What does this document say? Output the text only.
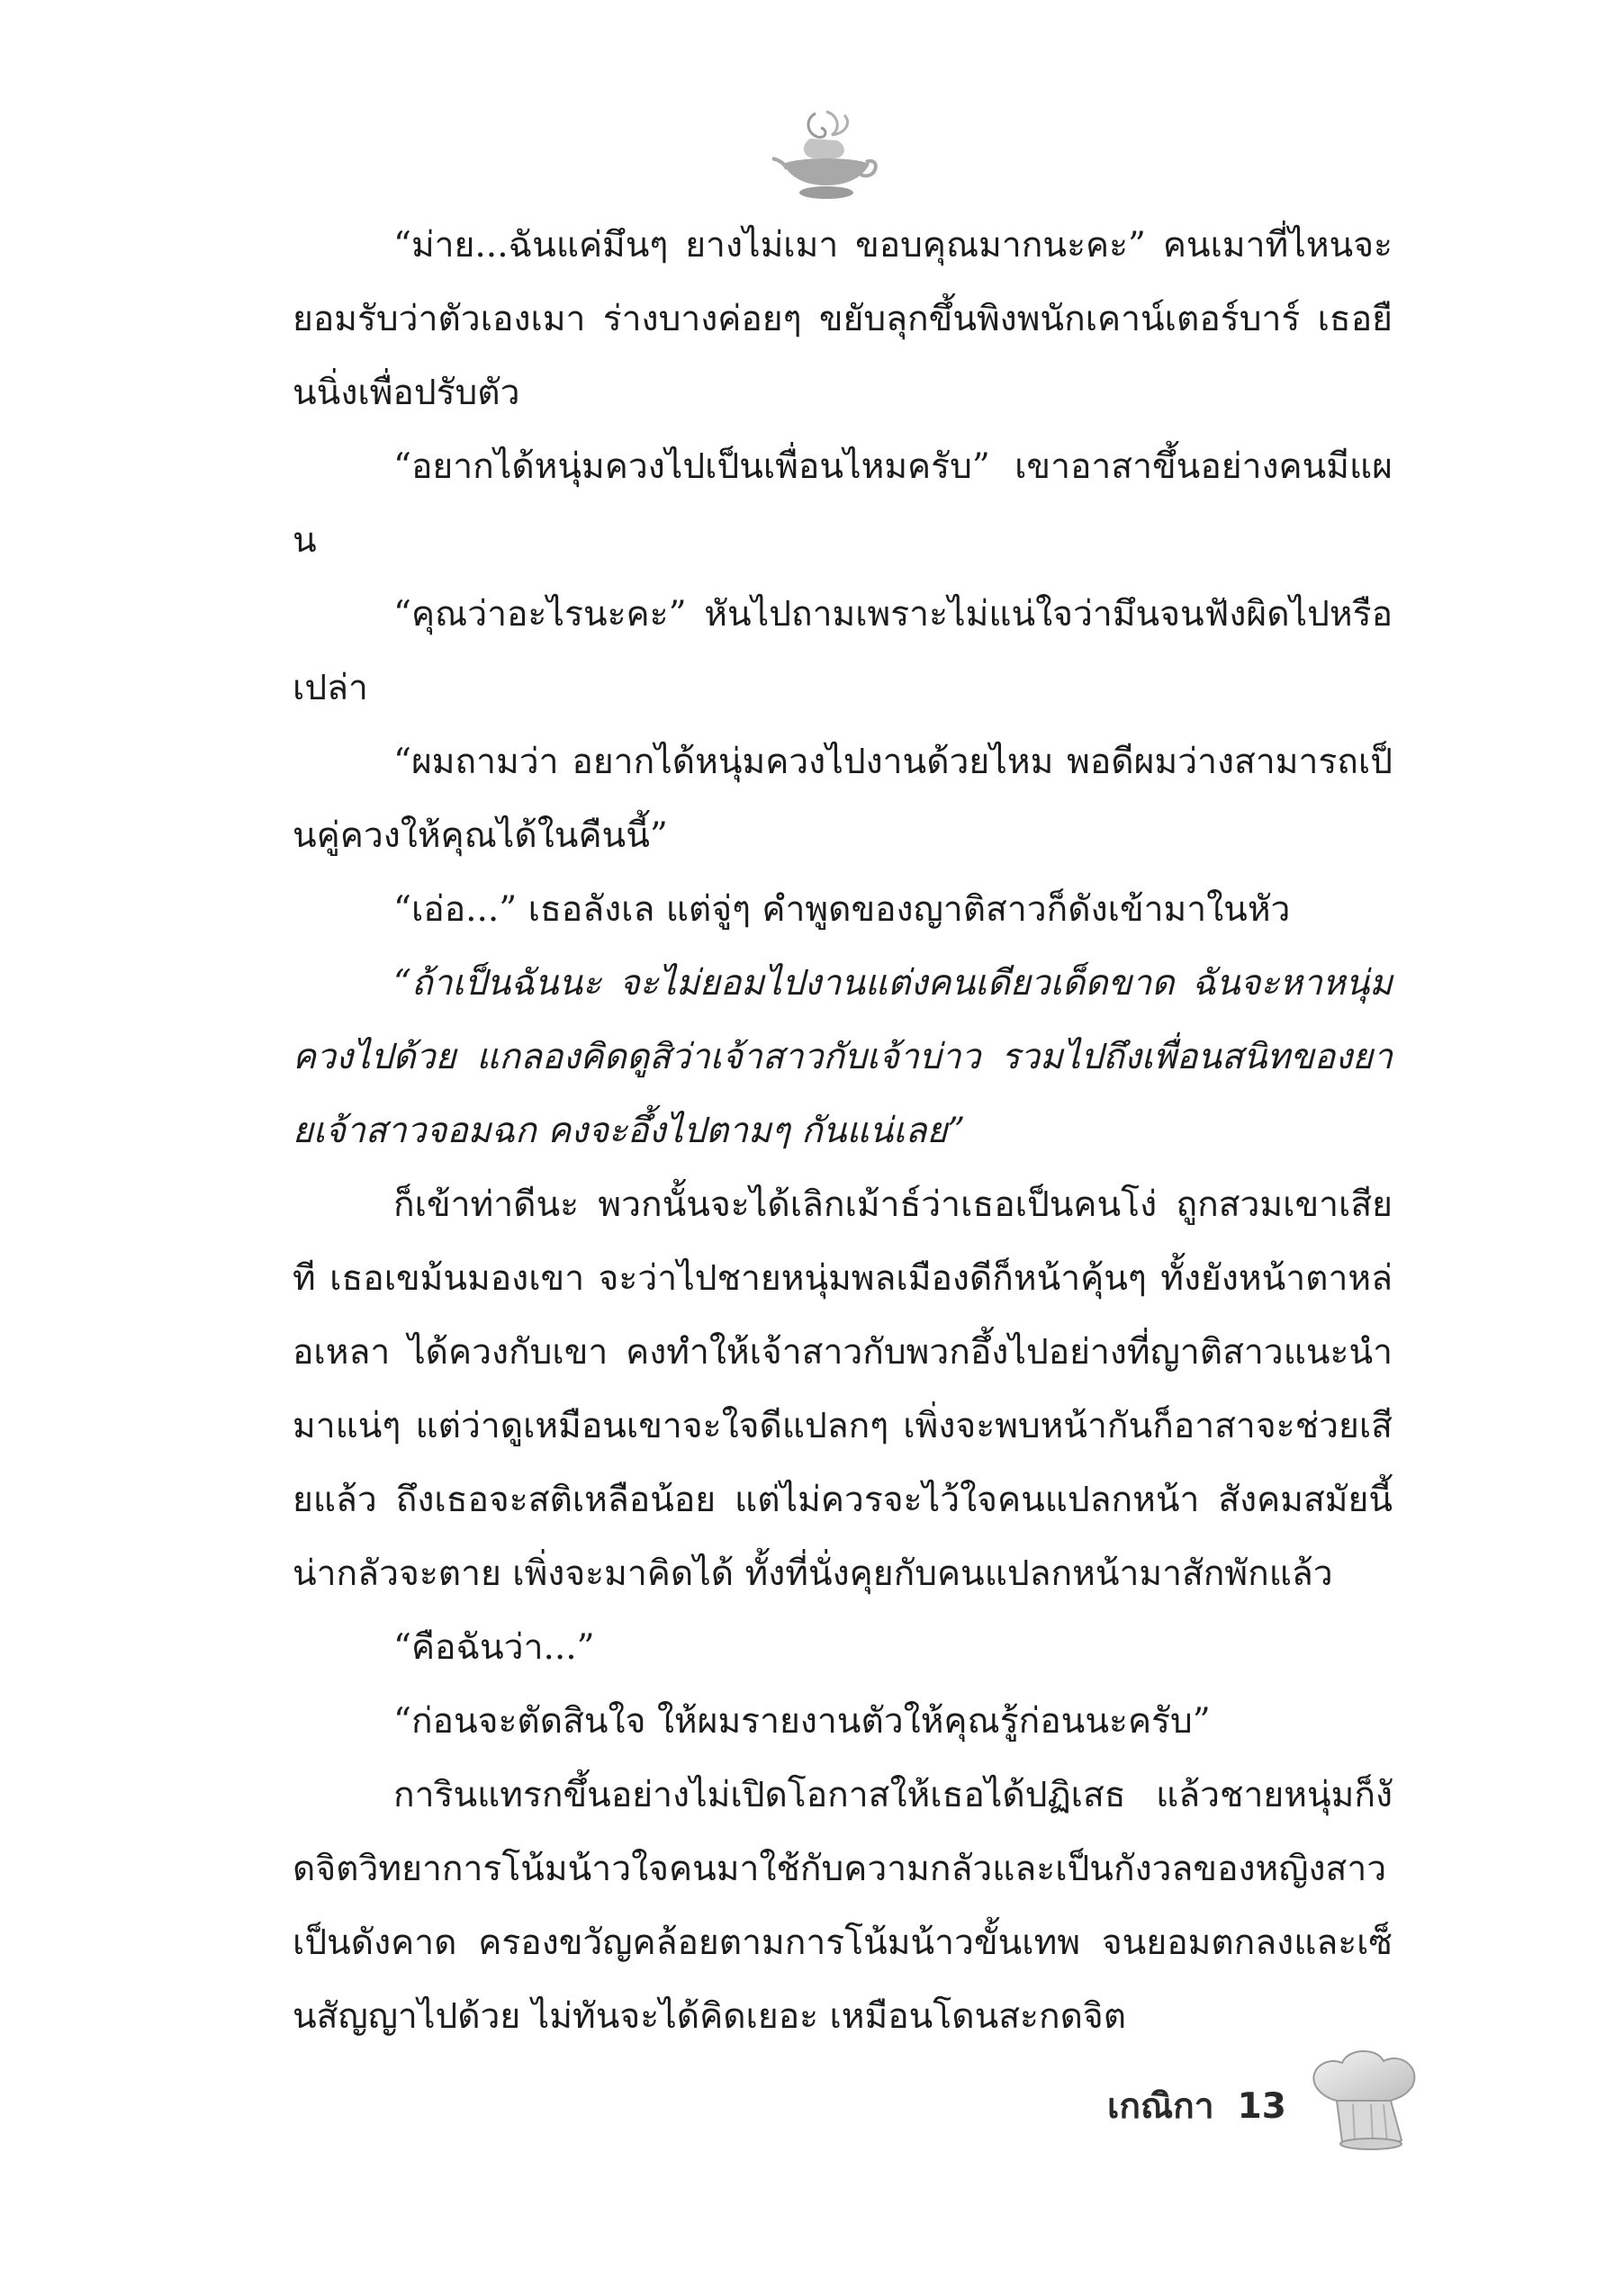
“ม่าย...ฉันแค่มึนๆ ยางไม่เมา ขอบคุณมากนะคะ” คนเมาที่ไหนจะยอมรับว่าตัวเองเมา ร่างบางค่อยๆ ขยับลุกขึ้นพิงพนักเคาน์เตอร์บาร์ เธอยืนนิ่งเพื่อปรับตัว

“อยากได้หนุ่มควงไปเป็นเพื่อนไหมครับ” เขาอาสาขึ้นอย่างคนมีแผน

“คุณว่าอะไรนะคะ” หันไปถามเพราะไม่แน่ใจว่ามึนจนฟังผิดไปหรือเปล่า

“ผมถามว่า อยากได้หนุ่มควงไปงานด้วยไหม พอดีผมว่างสามารถเป็นคู่ควงให้คุณได้ในคืนนี้”

“เอ่อ...” เธอลังเล แต่จู่ๆ คำพูดของญาติสาวก็ดังเข้ามาในหัว

“ถ้าเป็นฉันนะ จะไม่ยอมไปงานแต่งคนเดียวเด็ดขาด ฉันจะหาหนุ่มควงไปด้วย แกลองคิดดูสิว่าเจ้าสาวกับเจ้าบ่าว รวมไปถึงเพื่อนสนิทของยายเจ้าสาวจอมฉก คงจะอึ้งไปตามๆ กันแน่เลย”

ก็เข้าท่าดีนะ พวกนั้นจะได้เลิกเม้าธ์ว่าเธอเป็นคนโง่ ถูกสวมเขาเสียที เธอเขม้นมองเขา จะว่าไปชายหนุ่มพลเมืองดีก็หน้าคุ้นๆ ทั้งยังหน้าตาหล่อเหลา ได้ควงกับเขา คงทำให้เจ้าสาวกับพวกอึ้งไปอย่างที่ญาติสาวแนะนำมาแน่ๆ แต่ว่าดูเหมือนเขาจะใจดีแปลกๆ เพิ่งจะพบหน้ากันก็อาสาจะช่วยเสียแล้ว ถึงเธอจะสติเหลือน้อย แต่ไม่ควรจะไว้ใจคนแปลกหน้า สังคมสมัยนี้น่ากลัวจะตาย เพิ่งจะมาคิดได้ ทั้งที่นั่งคุยกับคนแปลกหน้ามาสักพักแล้ว

“คือฉันว่า...”

“ก่อนจะตัดสินใจ ให้ผมรายงานตัวให้คุณรู้ก่อนนะครับ”

การินแทรกขึ้นอย่างไม่เปิดโอกาสให้เธอได้ปฏิเสธ แล้วชายหนุ่มก็งัดจิตวิทยาการโน้มน้าวใจคนมาใช้กับความกลัวและเป็นกังวลของหญิงสาว เป็นดังคาด ครองขวัญคล้อยตามการโน้มน้าวขั้นเทพ จนยอมตกลงและเซ็นสัญญาไปด้วย ไม่ทันจะได้คิดเยอะ เหมือนโดนสะกดจิต

เกณิกา 13
